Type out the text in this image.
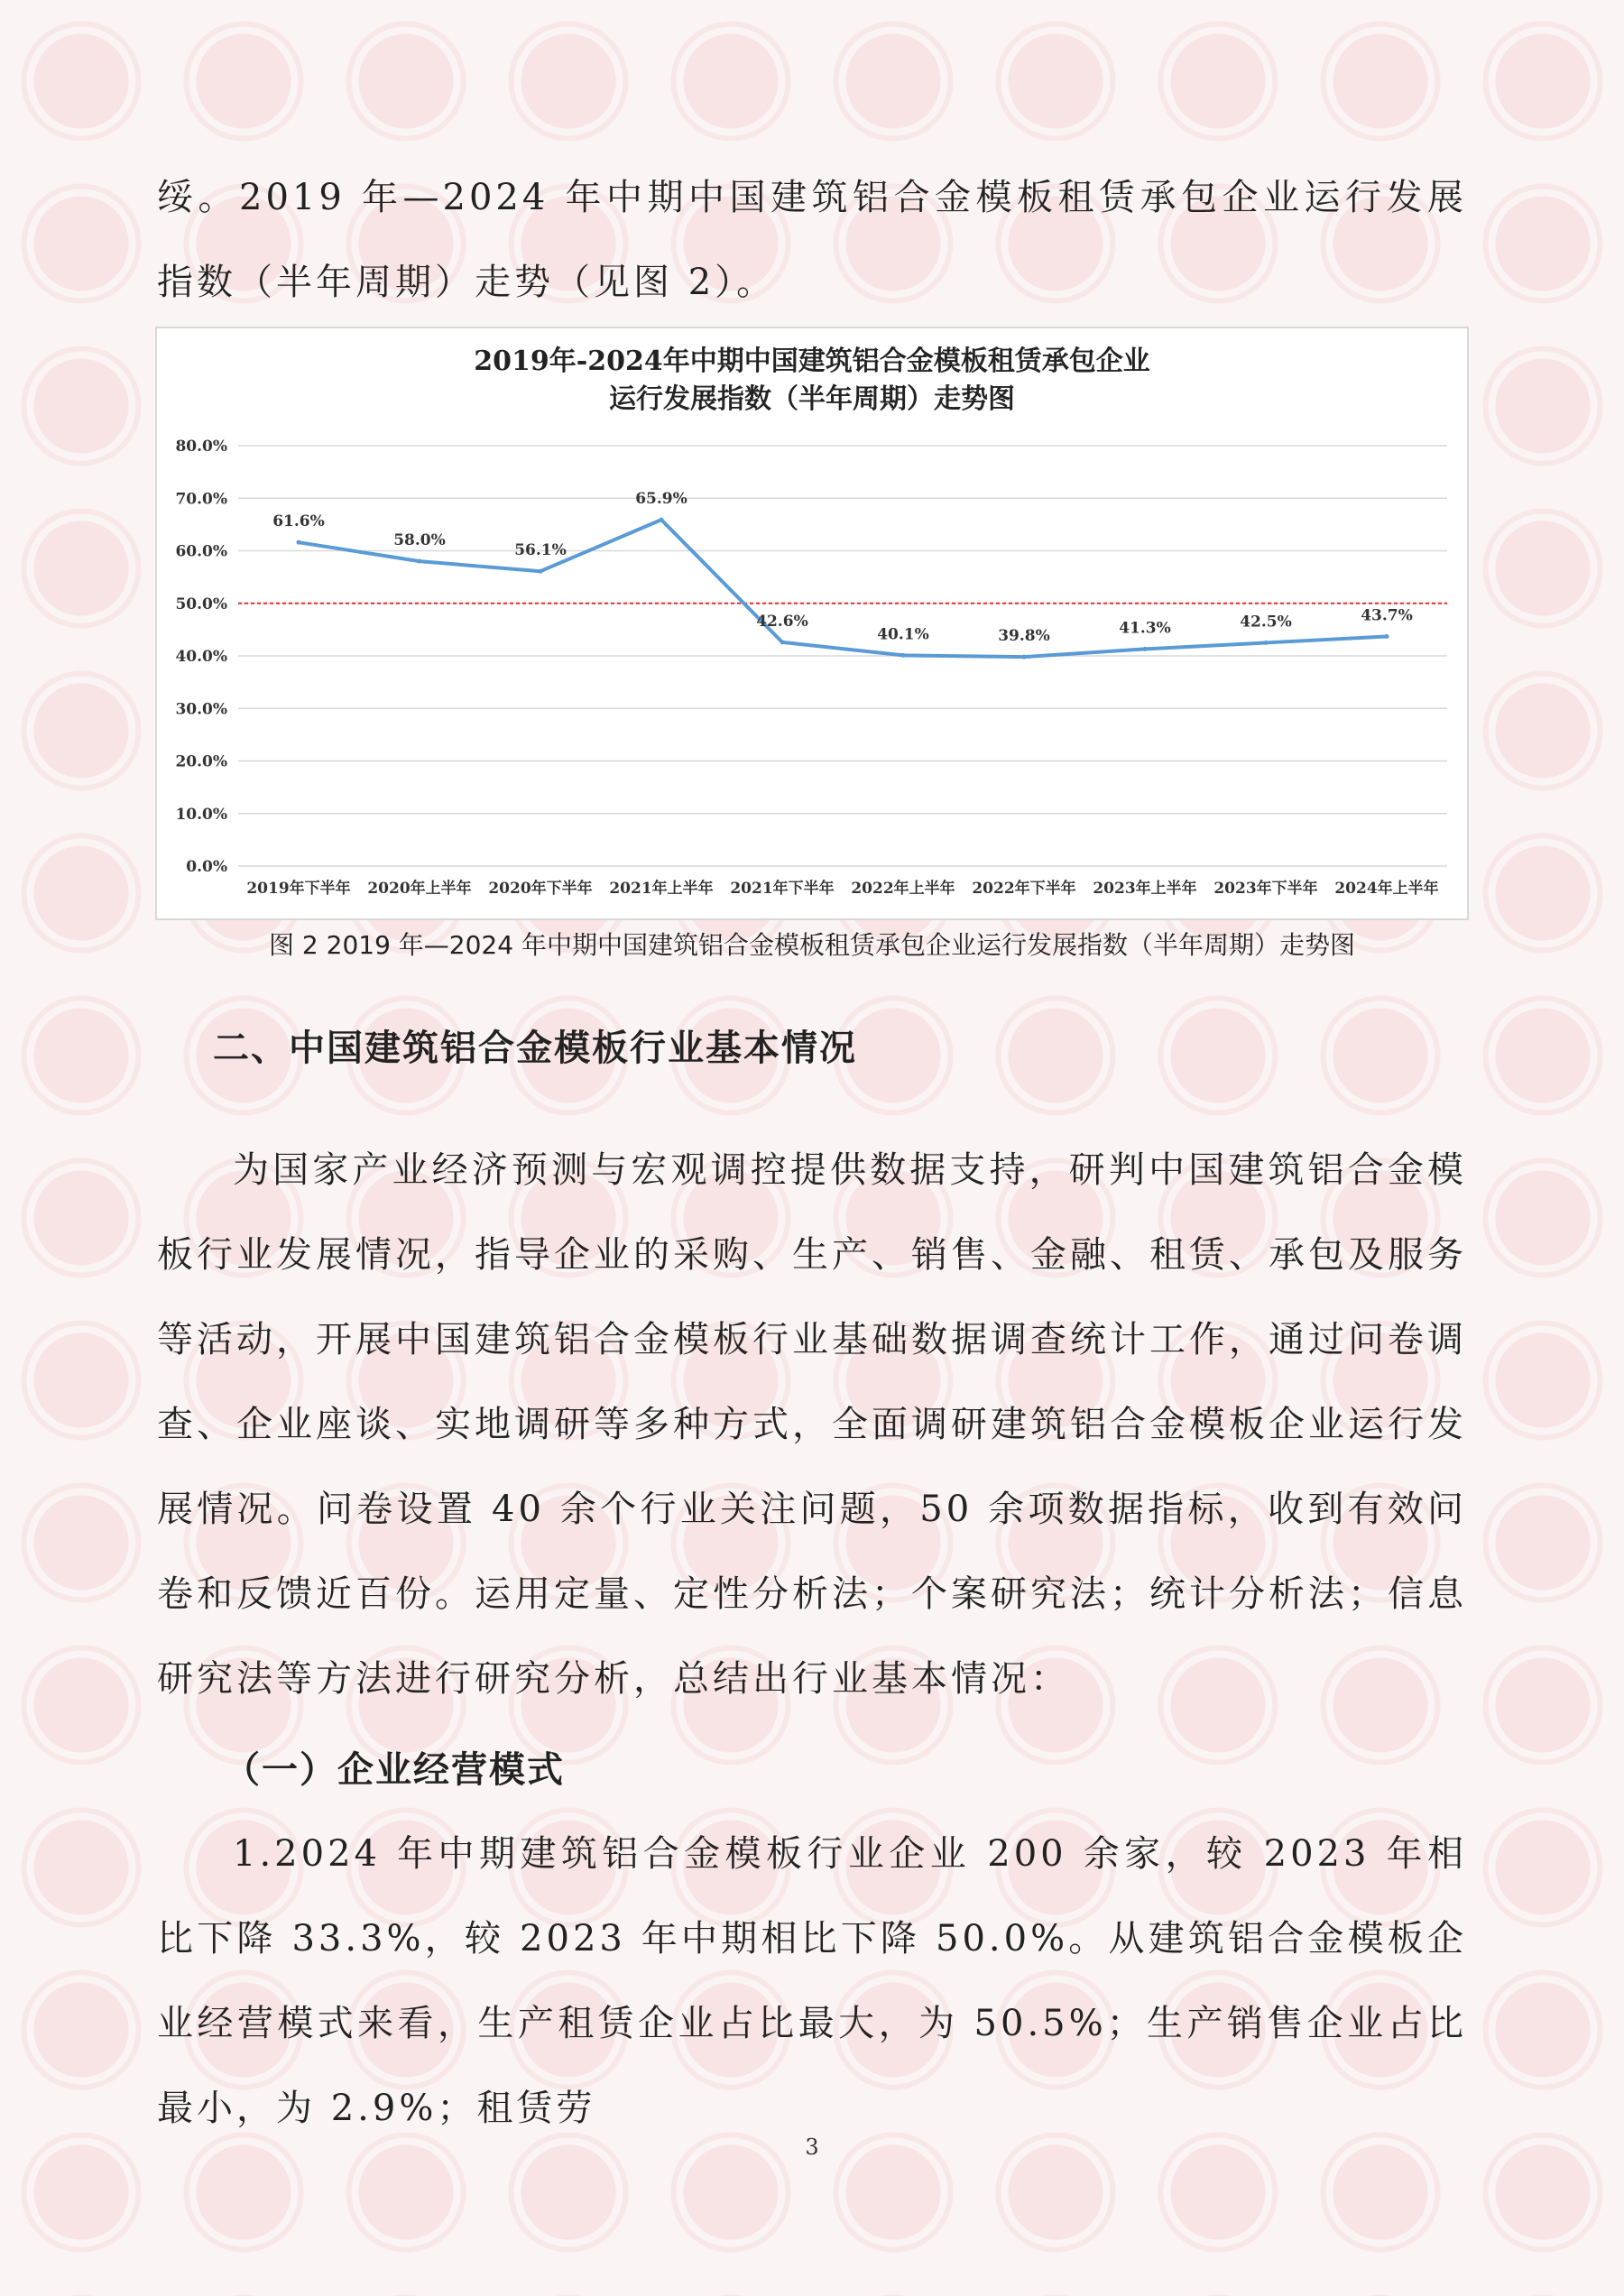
绥。2019 年—2024 年中期中国建筑铝合金模板租赁承包企业运行发展指数（半年周期）走势（见图 2）。

2019年-2024年中期中国建筑铝合金模板租赁承包企业
运行发展指数（半年周期）走势图
0.0%
10.0%
20.0%
30.0%
40.0%
50.0%
60.0%
70.0%
80.0%
2019年下半年 2020年上半年 2020年下半年 2021年上半年 2021年下半年 2022年上半年 2022年下半年 2023年上半年 2023年下半年 2024年上半年
61.6%
58.0%
56.1%
65.9%
42.6%
40.1%	39.8%	41.3%	42.5%	43.7%
图 2 2019 年—2024 年中期中国建筑铝合金模板租赁承包企业运行发展指数（半年周期）走势图
二、中国建筑铝合金模板行业基本情况

为国家产业经济预测与宏观调控提供数据支持，研判中国建筑铝合金模板行业发展情况，指导企业的采购、生产、销售、金融、租赁、承包及服务等活动，开展中国建筑铝合金模板行业基础数据调查统计工作，通过问卷调查、企业座谈、实地调研等多种方式，全面调研建筑铝合金模板企业运行发展情况。问卷设置 40 余个行业关注问题，50 余项数据指标，收到有效问卷和反馈近百份。运用定量、定性分析法；个案研究法；统计分析法；信息研究法等方法进行研究分析，总结出行业基本情况：

（一）企业经营模式

1.2024 年中期建筑铝合金模板行业企业 200 余家，较 2023 年相比下降 33.3%，较 2023 年中期相比下降 50.0%。从建筑铝合金模板企业经营模式来看，生产租赁企业占比最大，为 50.5%；生产销售企业占比最小，为 2.9%；租赁劳

3
